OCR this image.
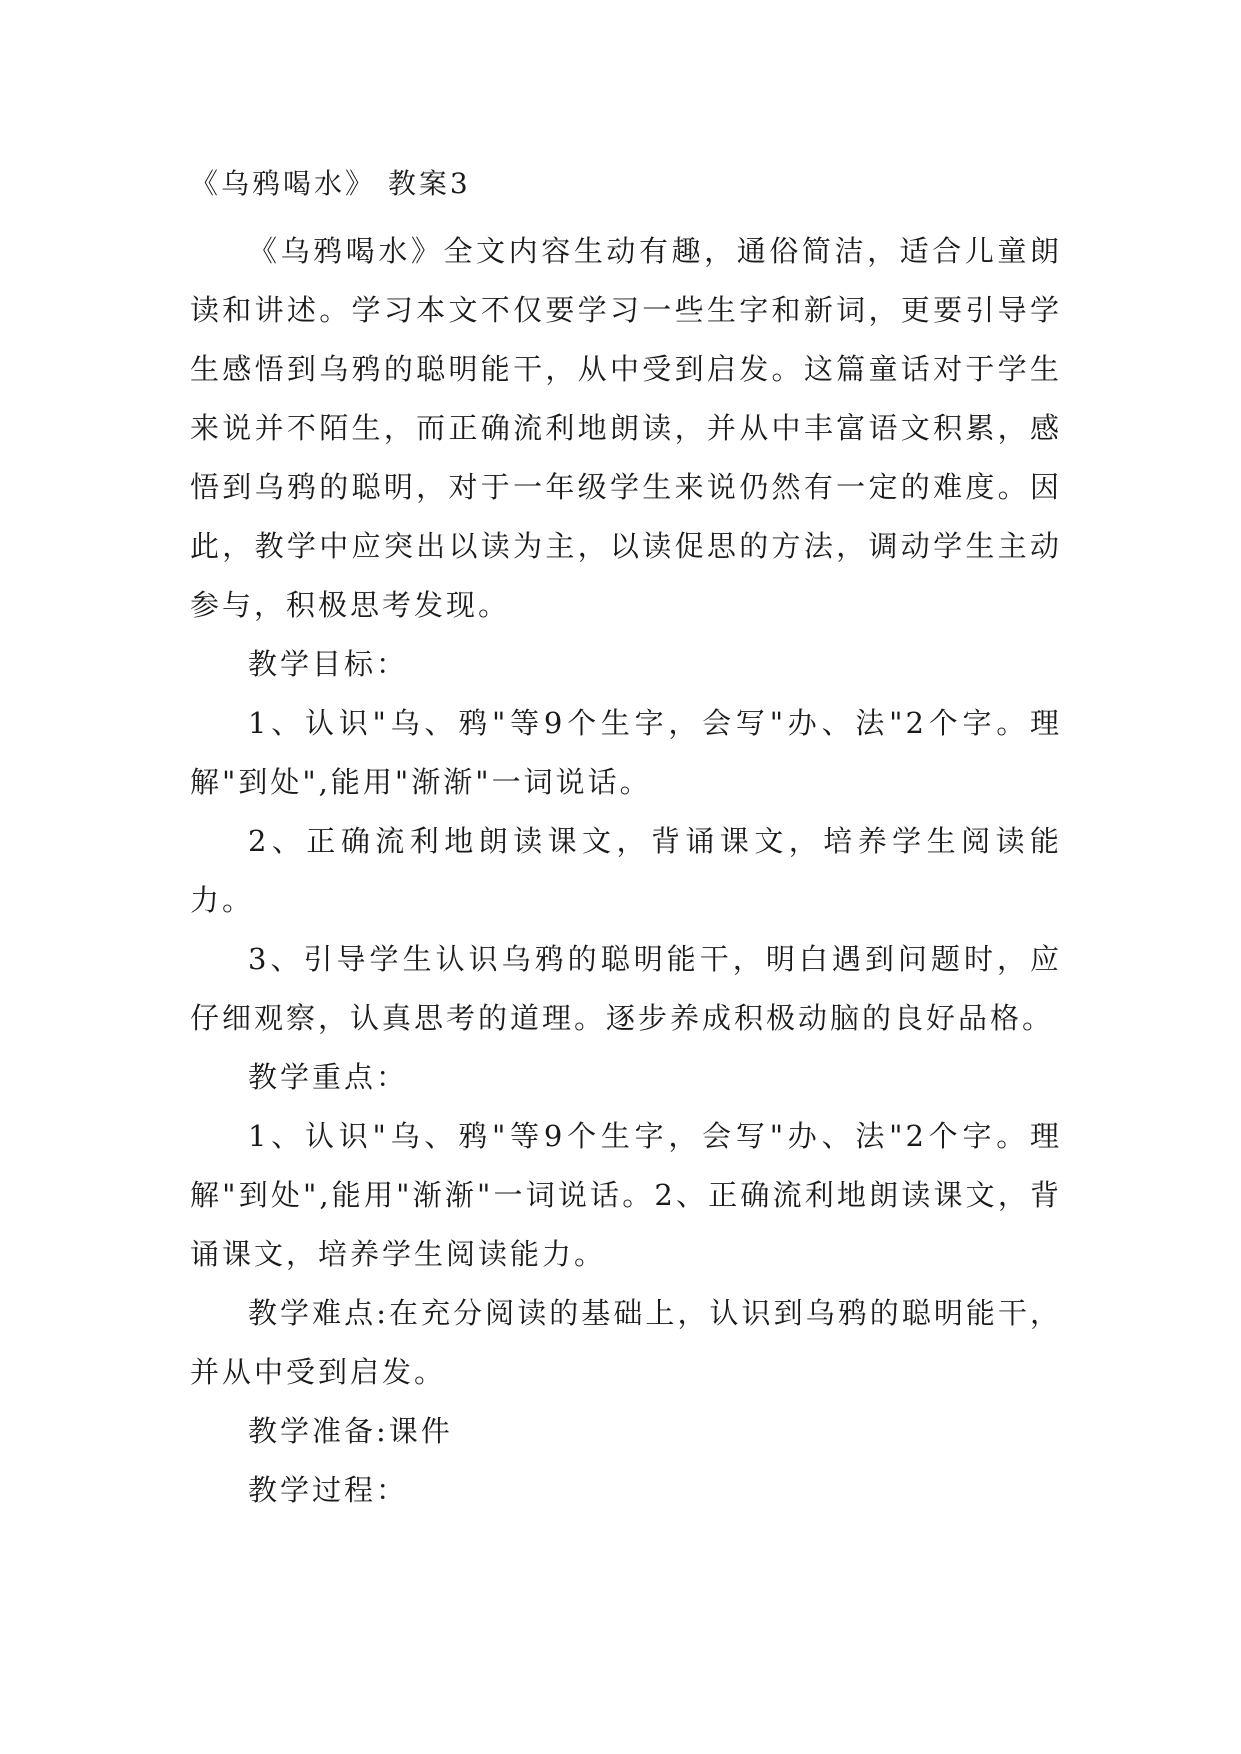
《乌鸦喝水》 教案3

《乌鸦喝水》全文内容生动有趣，通俗简洁，适合儿童朗读和讲述。学习本文不仅要学习一些生字和新词，更要引导学生感悟到乌鸦的聪明能干，从中受到启发。这篇童话对于学生来说并不陌生，而正确流利地朗读，并从中丰富语文积累，感悟到乌鸦的聪明，对于一年级学生来说仍然有一定的难度。因此，教学中应突出以读为主，以读促思的方法，调动学生主动参与，积极思考发现。

教学目标：

1、认识"乌、鸦"等9个生字，会写"办、法"2个字。理解"到处",能用"渐渐"一词说话。

2、正确流利地朗读课文，背诵课文，培养学生阅读能力。

3、引导学生认识乌鸦的聪明能干，明白遇到问题时，应仔细观察，认真思考的道理。逐步养成积极动脑的良好品格。

教学重点：

1、认识"乌、鸦"等9个生字，会写"办、法"2个字。理解"到处",能用"渐渐"一词说话。2、正确流利地朗读课文，背诵课文，培养学生阅读能力。

教学难点:在充分阅读的基础上，认识到乌鸦的聪明能干，并从中受到启发。

教学准备:课件

教学过程：
